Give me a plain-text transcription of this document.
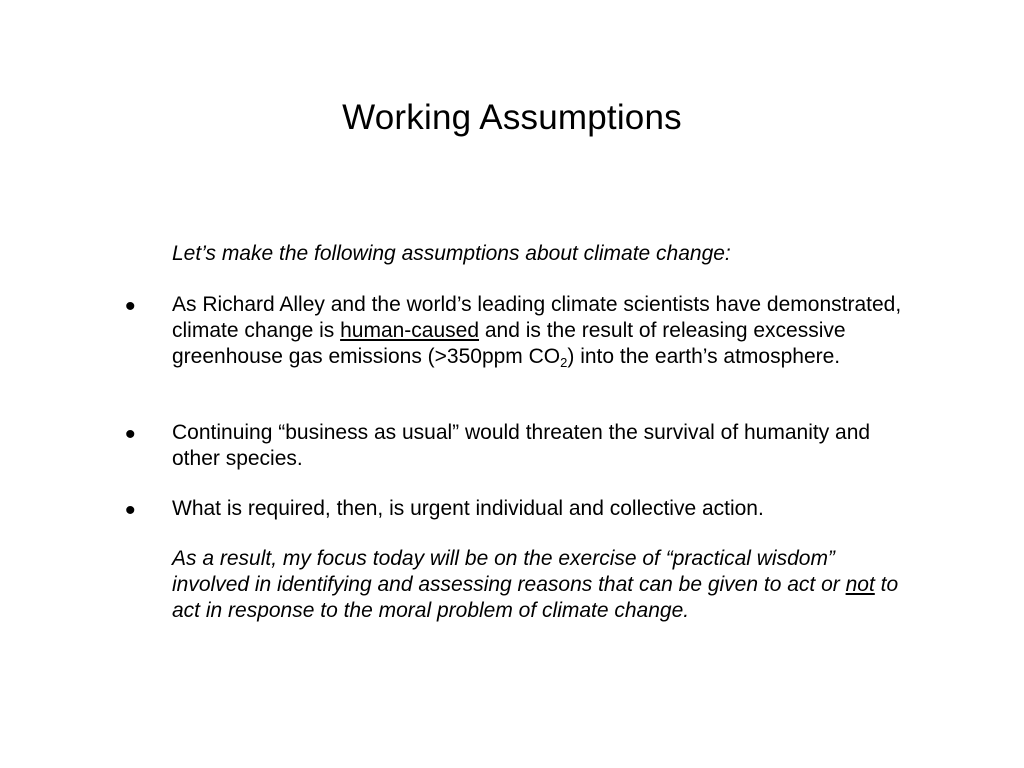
Working Assumptions
Let’s make the following assumptions about climate change:
• As Richard Alley and the world’s leading climate scientists have demonstrated, climate change is human-caused and is the result of releasing excessive greenhouse gas emissions (>350ppm $CO_2$) into the earth’s atmosphere.
• Continuing “business as usual” would threaten the survival of humanity and other species.
• What is required, then, is urgent individual and collective action.
As a result, my focus today will be on the exercise of “practical wisdom” involved in identifying and assessing reasons that can be given to act or not to act in response to the moral problem of climate change.
